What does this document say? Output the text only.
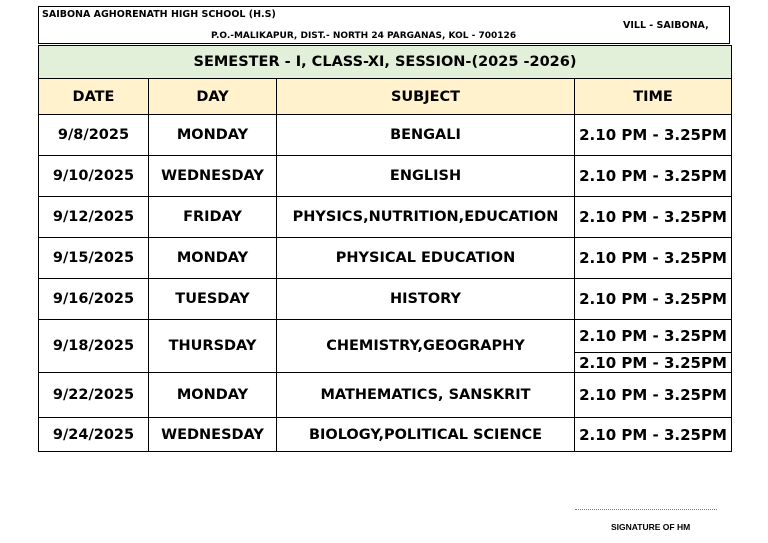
SAIBONA AGHORENATH HIGH SCHOOL (H.S)
VILL - SAIBONA,
P.O.-MALIKAPUR, DIST.- NORTH 24 PARGANAS, KOL - 700126
SEMESTER - I, CLASS-XI, SESSION-(2025 -2026)			
DATE	DAY	SUBJECT	TIME
9/8/2025	MONDAY	BENGALI	2.10 PM - 3.25PM
9/10/2025	WEDNESDAY	ENGLISH	2.10 PM - 3.25PM
9/12/2025	FRIDAY	PHYSICS,NUTRITION,EDUCATION	2.10 PM - 3.25PM
9/15/2025	MONDAY	PHYSICAL EDUCATION	2.10 PM - 3.25PM
9/16/2025	TUESDAY	HISTORY	2.10 PM - 3.25PM
9/18/2025	THURSDAY	CHEMISTRY,GEOGRAPHY	2.10 PM - 3.25PM
			2.10 PM - 3.25PM
9/22/2025	MONDAY	MATHEMATICS, SANSKRIT	2.10 PM - 3.25PM
9/24/2025	WEDNESDAY	BIOLOGY,POLITICAL SCIENCE	2.10 PM - 3.25PM
SIGNATURE OF HM
